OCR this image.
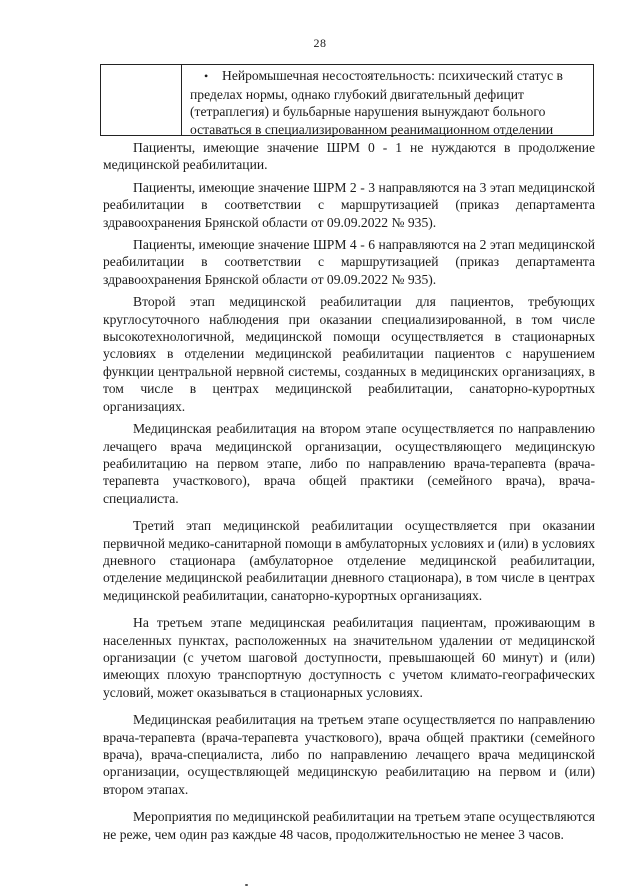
28
• Нейромышечная несостоятельность: психический статус в пределах нормы, однако глубокий двигательный дефицит (тетраплегия) и бульбарные нарушения вынуждают больного оставаться в специализированном реанимационном отделении

Пациенты, имеющие значение ШРМ 0 - 1 не нуждаются в продолжение медицинской реабилитации.

Пациенты, имеющие значение ШРМ 2 - 3 направляются на 3 этап медицинской реабилитации в соответствии с маршрутизацией (приказ департамента здравоохранения Брянской области от 09.09.2022 № 935).

Пациенты, имеющие значение ШРМ 4 - 6 направляются на 2 этап медицинской реабилитации в соответствии с маршрутизацией (приказ департамента здравоохранения Брянской области от 09.09.2022 № 935).

Второй этап медицинской реабилитации для пациентов, требующих круглосуточного наблюдения при оказании специализированной, в том числе высокотехнологичной, медицинской помощи осуществляется в стационарных условиях в отделении медицинской реабилитации пациентов с нарушением функции центральной нервной системы, созданных в медицинских организациях, в том числе в центрах медицинской реабилитации, санаторно-курортных организациях.

Медицинская реабилитация на втором этапе осуществляется по направлению лечащего врача медицинской организации, осуществляющего медицинскую реабилитацию на первом этапе, либо по направлению врача-терапевта (врача-терапевта участкового), врача общей практики (семейного врача), врача-специалиста.

Третий этап медицинской реабилитации осуществляется при оказании первичной медико-санитарной помощи в амбулаторных условиях и (или) в условиях дневного стационара (амбулаторное отделение медицинской реабилитации, отделение медицинской реабилитации дневного стационара), в том числе в центрах медицинской реабилитации, санаторно-курортных организациях.

На третьем этапе медицинская реабилитация пациентам, проживающим в населенных пунктах, расположенных на значительном удалении от медицинской организации (с учетом шаговой доступности, превышающей 60 минут) и (или) имеющих плохую транспортную доступность с учетом климато-географических условий, может оказываться в стационарных условиях.

Медицинская реабилитация на третьем этапе осуществляется по направлению врача-терапевта (врача-терапевта участкового), врача общей практики (семейного врача), врача-специалиста, либо по направлению лечащего врача медицинской организации, осуществляющей медицинскую реабилитацию на первом и (или) втором этапах.

Мероприятия по медицинской реабилитации на третьем этапе осуществляются не реже, чем один раз каждые 48 часов, продолжительностью не менее 3 часов.
